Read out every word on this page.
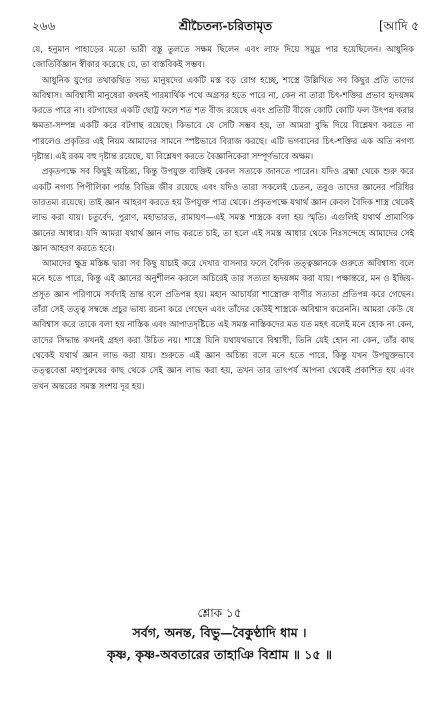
২৬৬	শ্রীচৈতন্য-চরিতামৃত	[আদি ৫

যে, হনুমান পাহাড়ের মতো ভারী বস্তু তুলতে সক্ষম ছিলেন এবং লাফ দিয়ে সমুদ্র পার হয়েছিলেন। আধুনিক জোতির্বিজ্ঞান স্বীকার করেছে যে, তা বাস্তবিকই সম্ভব।

আধুনিক যুগের তথাকথিত সভ্য মানুষদের একটি মস্ত বড় রোগ হচ্ছে, শাস্ত্রে উল্লিখিত সব কিছুর প্রতি তাদের অবিশ্বাস। অবিশ্বাসী মানুষেরা কখনই পারমার্থিক পথে অগ্রসর হতে পারে না, কেন না তারা চিৎ-শক্তির প্রভাব হৃদয়ঙ্গম করতে পারে না। বটগাছের একটি ছোট্ট ফলে শত শত বীজ রয়েছে এবং প্রতিটি বীজে কোটি কোটি ফল উৎপন্ন করার ক্ষমতা-সম্পন্ন একটি করে বটগাছ রয়েছে। কিভাবে যে সেটি সম্ভব হয়, তা আমরা বুদ্ধি দিয়ে বিশ্লেষণ করতে না পারলেও প্রকৃতির এই নিয়ম আমাদের সামনে স্পষ্টভাবে বিরাজ করছে। এটি ভগবানের চিৎ-শক্তির এক অতি নগণ্য দৃষ্টান্ত। এই রকম বহু দৃষ্টান্ত রয়েছে, যা বিশ্লেষণ করতে বৈজ্ঞানিকেরা সম্পূর্ণভাবে অক্ষম।

প্রকৃতপক্ষে সব কিছুই অচিন্ত্য, কিন্তু উপযুক্ত ব্যক্তিই কেবল সত্যকে জানতে পারেন। যদিও ব্রহ্মা থেকে শুরু করে একটি নগণ্য পিপীলিকা পর্যন্ত বিভিন্ন জীব রয়েছে এবং যদিও তারা সকলেই চেতন, তবুও তাদের জ্ঞানের পরিধির তারতম্য রয়েছে। তাই জ্ঞান আহরণ করতে হয় উপযুক্ত পাত্র থেকে। প্রকৃতপক্ষে যথার্থ জ্ঞান কেবল বৈদিক শাস্ত্র থেকেই লাভ করা যায়। চতুর্বেদ, পুরাণ, মহাভারত, রামায়ণ—এই সমস্ত শাস্ত্রকে বলা হয় স্মৃতি। এগুলিই যথার্থ প্রামাণিক জ্ঞানের আধার। যদি আমরা যথার্থ জ্ঞান লাভ করতে চাই, তা হলে এই সমস্ত আধার থেকে নিঃসন্দেহে আমাদের সেই জ্ঞান আহরণ করতে হবে।

আমাদের ক্ষুদ্র মস্তিষ্ক দ্বারা সব কিছু যাচাই করে দেখার বাসনার ফলে বৈদিক তত্ত্বজ্ঞানকে গুরুতে অবিশ্বাস্য বলে মনে হতে পারে, কিন্তু এই জ্ঞানের অনুশীলন করলে অচিরেই তার সত্যতা হৃদয়ঙ্গম করা যায়। পক্ষান্তরে, মন ও ইন্দ্রিয়-প্রসূত জ্ঞান পরিণামে সর্বদাই ভ্রান্ত বলে প্রতিপন্ন হয়। মহান আচার্যরা শাস্ত্রোক্ত বাণীর সত্যতা প্রতিপন্ন করে গেছেন। তাঁরা সেই তত্ত্ব সম্বন্ধে প্রচুর ভাষ্য রচনা করে গেছেন এবং তাঁদের কেউই শাস্ত্রকে অবিশ্বাস করেননি। আমরা কেউ যে অবিশ্বাস করে তাকে বলা হয় নাস্তিক এবং আপাতদৃষ্টিতে এই সমস্ত নাস্তিকদের মত যত মহৎ বলেই মনে হোক না কেন, তাদের সিদ্ধান্ত কখনই গ্রহণ করা উচিত নয়। শাস্ত্রে যিনি যথাযথভাবে বিশ্বাসী, তিনি যেই হোন না কেন, তাঁর কাছ থেকেই যথার্থ জ্ঞান লাভ করা যায়। শুরুতে এই জ্ঞান অচিন্ত্য বলে মনে হতে পারে, কিন্তু যখন উপযুক্তভাবে তত্ত্ববেত্তা মহাপুরুষের কাছ থেকে সেই জ্ঞান লাভ করা হয়, তখন তার তাৎপর্য আপনা থেকেই প্রকাশিত হয় এবং তখন অন্তরের সমস্ত সংশয় দূর হয়।

শ্লোক ১৫
সর্বগ, অনন্ত, বিভু—বৈকুণ্ঠাদি ধাম ।
কৃষ্ণ, কৃষ্ণ-অবতারের তাহাঞি বিশ্রাম ॥ ১৫ ॥
